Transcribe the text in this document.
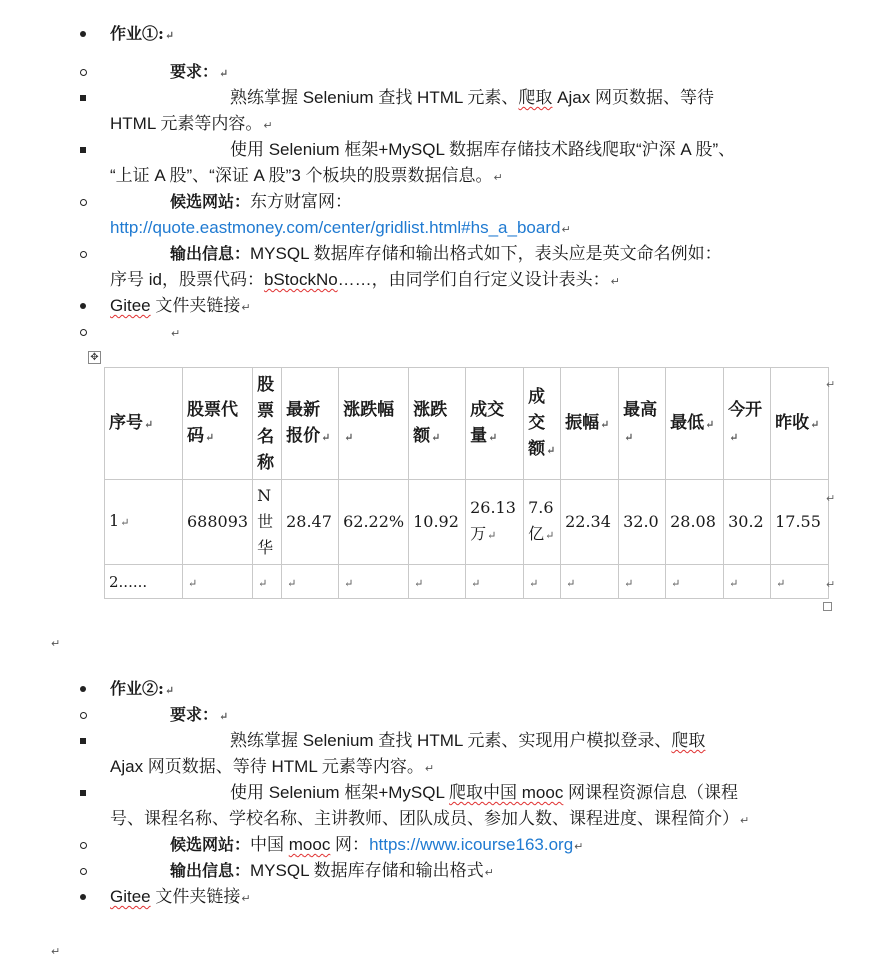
作业①:↵
要求：↵
熟练掌握 Selenium 查找 HTML 元素、爬取 Ajax 网页数据、等待
HTML 元素等内容。↵
使用 Selenium 框架+MySQL 数据库存储技术路线爬取“沪深 A 股”、
“上证 A 股”、“深证 A 股”3 个板块的股票数据信息。↵
候选网站：东方财富网：
http://quote.eastmoney.com/center/gridlist.html#hs_a_board↵
输出信息：MYSQL 数据库存储和输出格式如下，表头应是英文命名例如：
序号 id，股票代码：bStockNo……，由同学们自行定义设计表头：↵
Gitee 文件夹链接↵
↵
✥
序号↵	股票代码↵	股票名称	最新报价↵	涨跌幅↵	涨跌额↵	成交量↵	成交额↵	振幅↵	最高↵	最低↵	今开↵	昨收↵
1↵	688093	N世华	28.47	62.22%	10.92	26.13万↵	7.6亿↵	22.34	32.0	28.08	30.2	17.55
2......	↵	↵	↵	↵	↵	↵	↵	↵	↵	↵	↵	↵
↵
↵
↵
↵
作业②:↵
要求：↵
熟练掌握 Selenium 查找 HTML 元素、实现用户模拟登录、爬取
Ajax 网页数据、等待 HTML 元素等内容。↵
使用 Selenium 框架+MySQL 爬取中国 mooc 网课程资源信息（课程
号、课程名称、学校名称、主讲教师、团队成员、参加人数、课程进度、课程简介）↵
候选网站：中国 mooc 网：https://www.icourse163.org↵
输出信息：MYSQL 数据库存储和输出格式↵
Gitee 文件夹链接↵
↵
